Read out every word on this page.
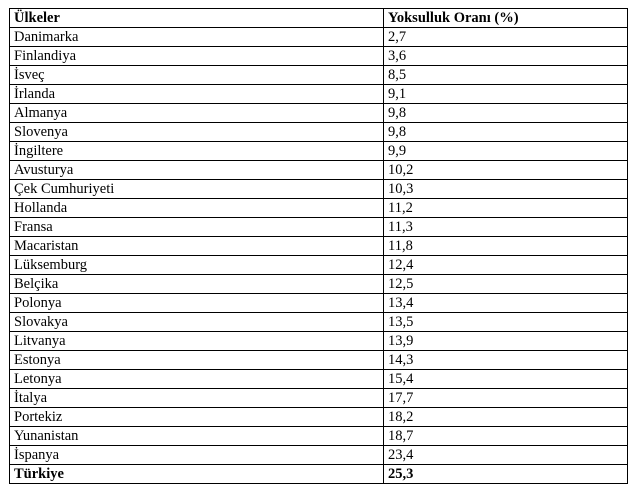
Ülkeler	Yoksulluk Oranı (%)
Danimarka	2,7
Finlandiya	3,6
İsveç	8,5
İrlanda	9,1
Almanya	9,8
Slovenya	9,8
İngiltere	9,9
Avusturya	10,2
Çek Cumhuriyeti	10,3
Hollanda	11,2
Fransa	11,3
Macaristan	11,8
Lüksemburg	12,4
Belçika	12,5
Polonya	13,4
Slovakya	13,5
Litvanya	13,9
Estonya	14,3
Letonya	15,4
İtalya	17,7
Portekiz	18,2
Yunanistan	18,7
İspanya	23,4
Türkiye	25,3
